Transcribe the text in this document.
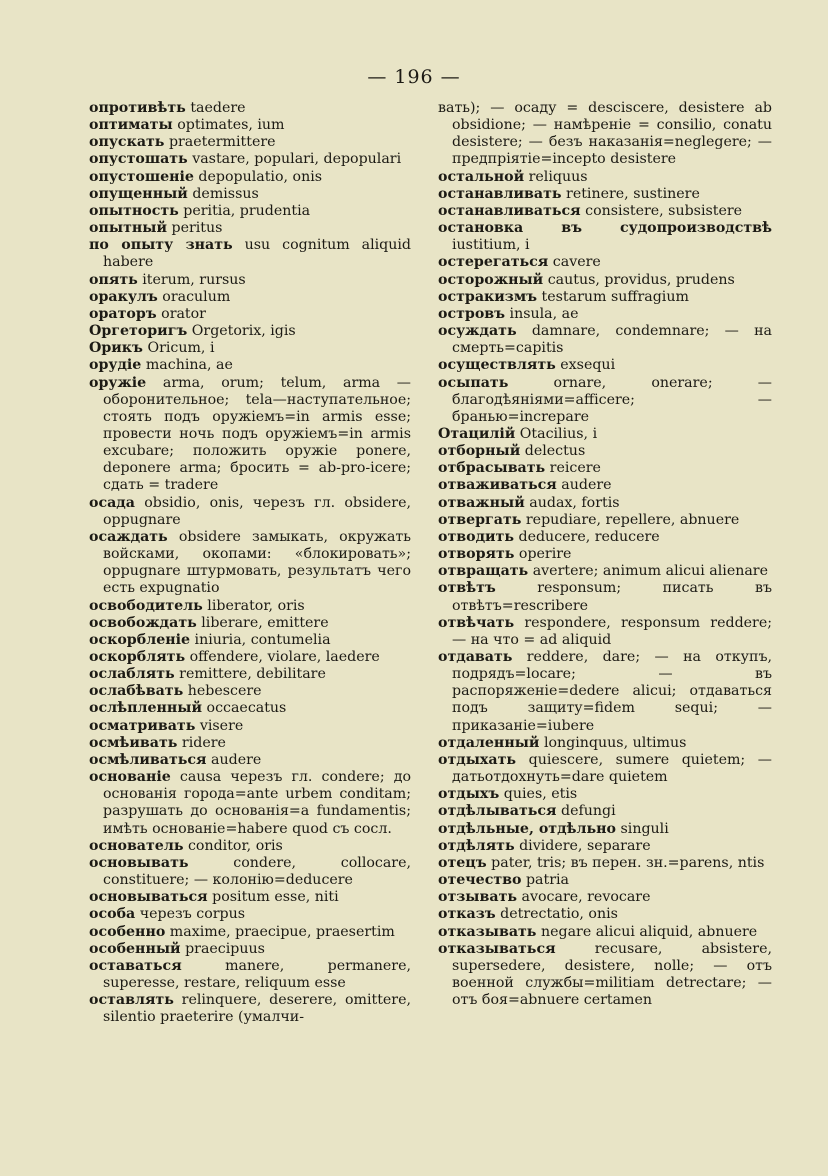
— 196 —

опротивѣть taedere

оптиматы optimates, ium

опускать praetermittere

опустошать vastare, populari, depopulari

опустошеніе depopulatio, onis

опущенный demissus

опытность peritia, prudentia

опытный peritus

по опыту знать usu cognitum aliquid habere

опять iterum, rursus

оракулъ oraculum

ораторъ orator

Оргеторигъ Orgetorix, igis

Орикъ Oricum, i

орудіе machina, ae

оружіе arma, orum; telum, arma —оборонительное; tela—наступательное; стоять подъ оружіемъ=in armis esse; провести ночь подъ оружіемъ=in armis excubare; положить оружіе ponere, deponere arma; бросить = ab-pro-icere; сдать = tradere

осада obsidio, onis, черезъ гл. obsidere, oppugnare

осаждать obsidere замыкать, окружать войсками, окопами: «блокировать»; oppugnare штурмовать, результатъ чего есть expugnatio

освободитель liberator, oris

освобождать liberare, emittere

оскорбленіе iniuria, contumelia

оскорблять offendere, violare, laedere

ослаблять remittere, debilitare

ослабѣвать hebescere

ослѣпленный occaecatus

осматривать visere

осмѣивать ridere

осмѣливаться audere

основаніе causa черезъ гл. condere; до основанія города=ante urbem conditam; разрушать до основанія=a fundamentis; имѣть основаніе=habere quod съ сосл.

основатель conditor, oris

основывать condere, collocare, constituere; — колонію=deducere

основываться positum esse, niti

особа черезъ corpus

особенно maxime, praecipue, praesertim

особенный praecipuus

оставаться manere, permanere, superesse, restare, reliquum esse

оставлять relinquere, deserere, omittere, silentio praeterire (умалчи-

вать); — осаду = desciscere, desistere ab obsidione; — намѣреніе = consilio, conatu desistere; — безъ наказанія=neglegere; — предпріятіе=incepto desistere

остальной reliquus

останавливать retinere, sustinere

останавливаться consistere, subsistere

остановка въ судопроизводствѣ iustitium, i

остерегаться cavere

осторожный cautus, providus, prudens

остракизмъ testarum suffragium

островъ insula, ae

осуждать damnare, condemnare; — на смерть=capitis

осуществлять exsequi

осыпать ornare, onerare; — благодѣяніями=afficere; — бранью=increpare

Отацилій Otacilius, i

отборный delectus

отбрасывать reicere

отваживаться audere

отважный audax, fortis

отвергать repudiare, repellere, abnuere

отводить deducere, reducere

отворять operire

отвращать avertere; animum alicui alienare

отвѣтъ responsum; писать въ отвѣтъ=rescribere

отвѣчать respondere, responsum reddere; — на что = ad aliquid

отдавать reddere, dare; — на откупъ, подрядъ=locare; — въ распоряженіе=dedere alicui; отдаваться подъ защиту=fidem sequi; — приказаніе=iubere

отдаленный longinquus, ultimus

отдыхать quiescere, sumere quietem; —датьотдохнуть=dare quietem

отдыхъ quies, etis

отдѣлываться defungi

отдѣльные, отдѣльно singuli

отдѣлять dividere, separare

отецъ pater, tris; въ перен. зн.=parens, ntis

отечество patria

отзывать avocare, revocare

отказъ detrectatio, onis

отказывать negare alicui aliquid, abnuere

отказываться recusare, absistere, supersedere, desistere, nolle; — отъ военной службы=militiam detrectare; — отъ боя=abnuere certamen
